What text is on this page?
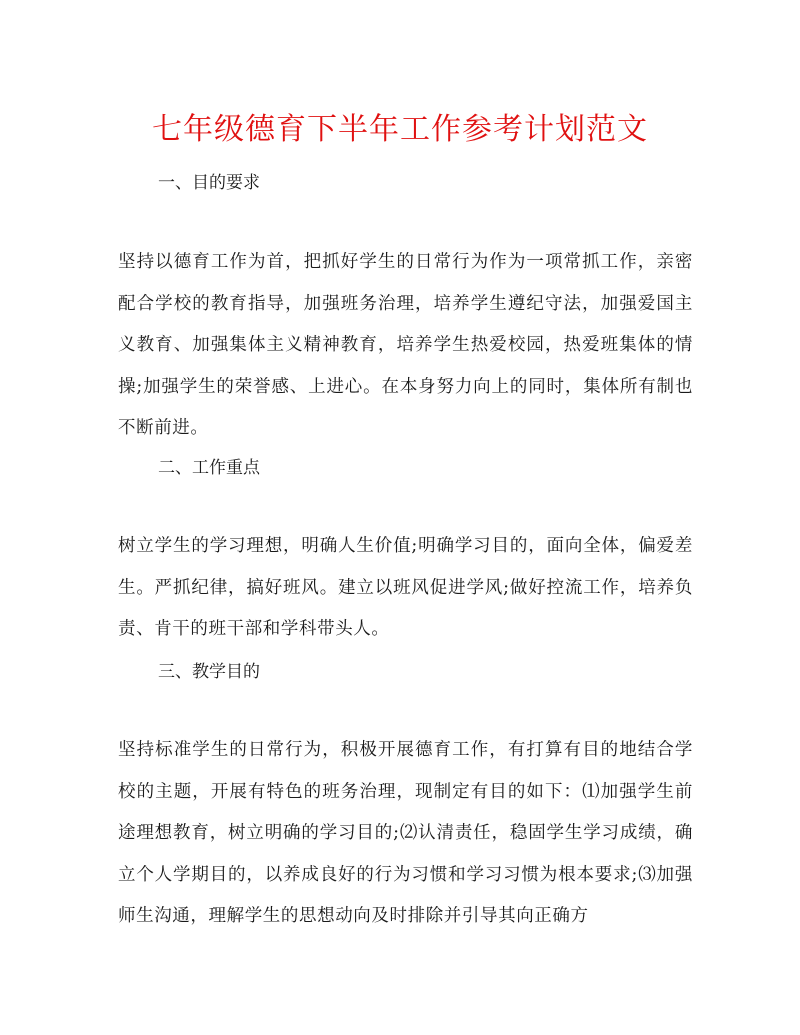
七年级德育下半年工作参考计划范文

一、目的要求

坚持以德育工作为首，把抓好学生的日常行为作为一项常抓工作，亲密配合学校的教育指导，加强班务治理，培养学生遵纪守法，加强爱国主义教育、加强集体主义精神教育，培养学生热爱校园，热爱班集体的情操;加强学生的荣誉感、上进心。在本身努力向上的同时，集体所有制也不断前进。

二、工作重点

树立学生的学习理想，明确人生价值;明确学习目的，面向全体，偏爱差生。严抓纪律，搞好班风。建立以班风促进学风;做好控流工作，培养负责、肯干的班干部和学科带头人。

三、教学目的

坚持标准学生的日常行为，积极开展德育工作，有打算有目的地结合学校的主题，开展有特色的班务治理，现制定有目的如下：⑴加强学生前途理想教育，树立明确的学习目的;⑵认清责任，稳固学生学习成绩，确立个人学期目的，以养成良好的行为习惯和学习习惯为根本要求;⑶加强师生沟通，理解学生的思想动向及时排除并引导其向正确方
